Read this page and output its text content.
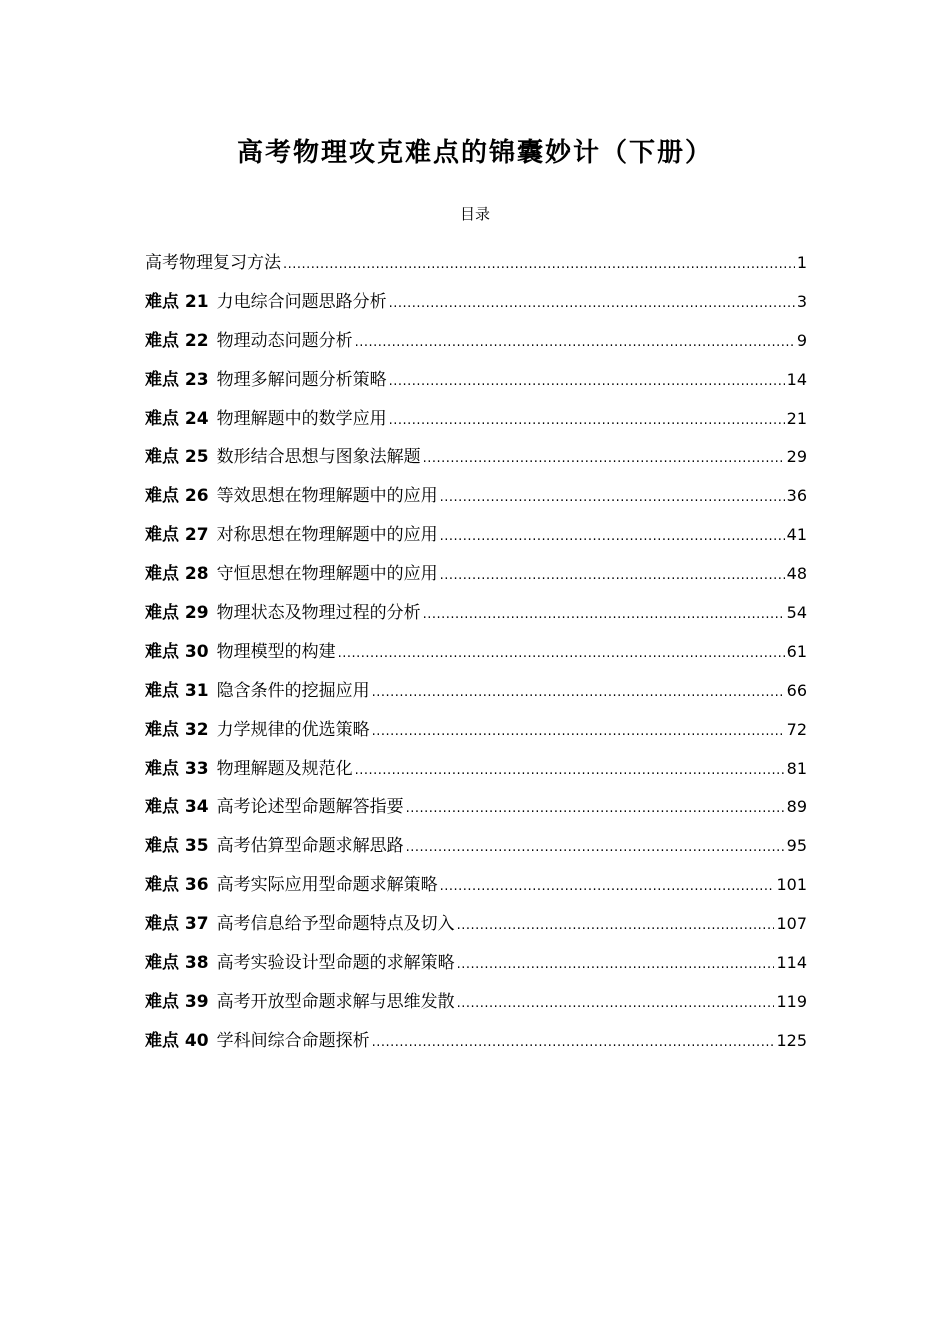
高考物理攻克难点的锦囊妙计（下册）
目录
高考物理复习方法 .....	1
难点 21 力电综合问题思路分析 .....	3
难点 22 物理动态问题分析 .....	9
难点 23 物理多解问题分析策略 .....	14
难点 24 物理解题中的数学应用 .....	21
难点 25 数形结合思想与图象法解题 .....	29
难点 26 等效思想在物理解题中的应用 .....	36
难点 27 对称思想在物理解题中的应用 .....	41
难点 28 守恒思想在物理解题中的应用 .....	48
难点 29 物理状态及物理过程的分析 .....	54
难点 30 物理模型的构建 .....	61
难点 31 隐含条件的挖掘应用 .....	66
难点 32 力学规律的优选策略 .....	72
难点 33 物理解题及规范化 .....	81
难点 34 高考论述型命题解答指要 .....	89
难点 35 高考估算型命题求解思路 .....	95
难点 36 高考实际应用型命题求解策略 .....	101
难点 37 高考信息给予型命题特点及切入 .....	107
难点 38 高考实验设计型命题的求解策略 .....	114
难点 39 高考开放型命题求解与思维发散 .....	119
难点 40 学科间综合命题探析 .....	125
